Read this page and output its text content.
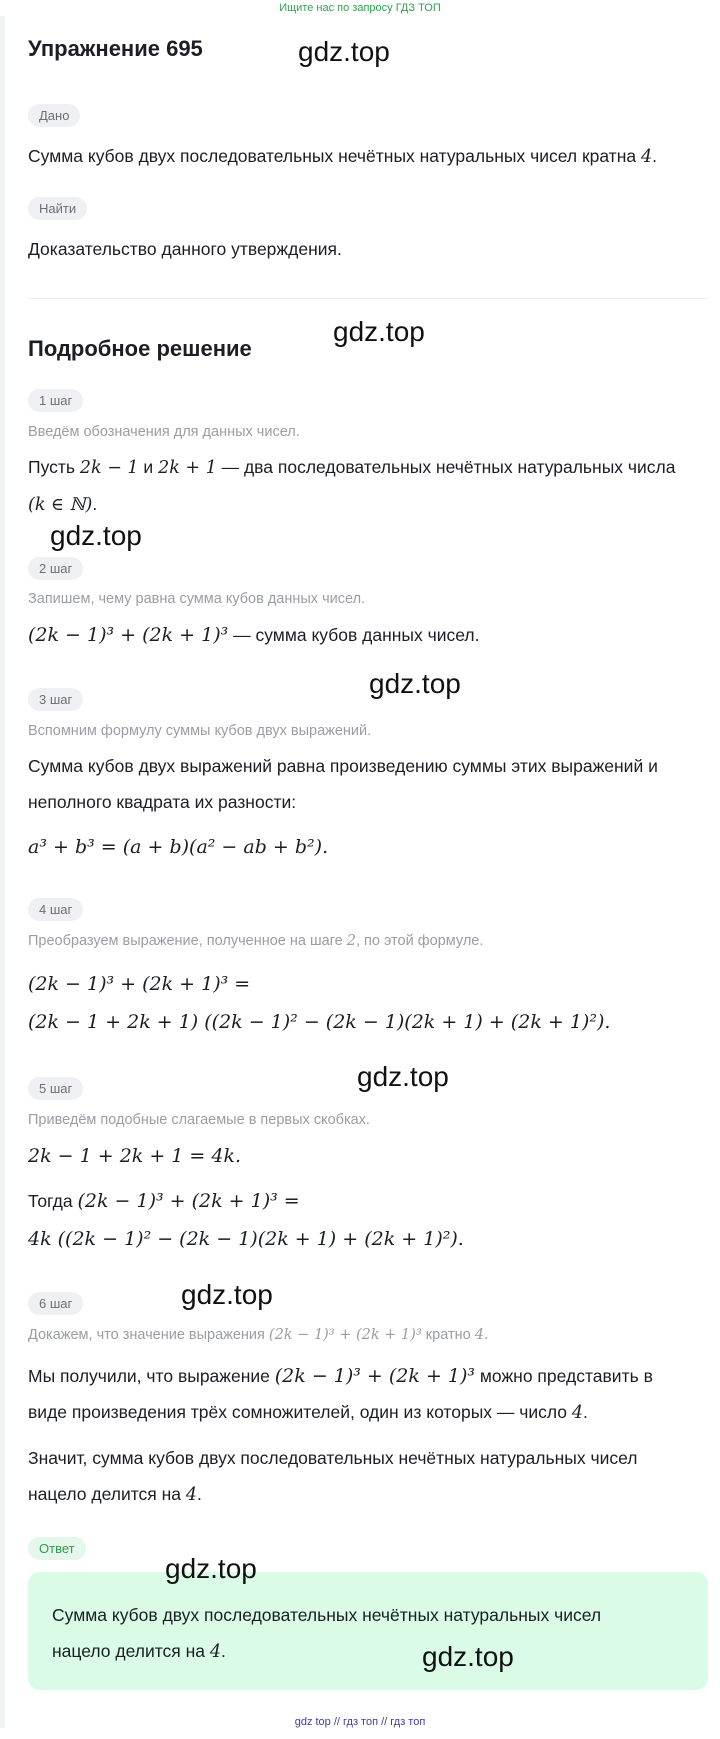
Ищите нас по запросу ГДЗ ТОП
Упражнение 695
Дано
Сумма кубов двух последовательных нечётных натуральных чисел кратна 4.
Найти
Доказательство данного утверждения.
Подробное решение
1 шаг
Введём обозначения для данных чисел.
Пусть 2k − 1 и 2k + 1 — два последовательных нечётных натуральных числа
(k ∈ ℕ).
2 шаг
Запишем, чему равна сумма кубов данных чисел.
(2k − 1)³ + (2k + 1)³ — сумма кубов данных чисел.
3 шаг
Вспомним формулу суммы кубов двух выражений.
Сумма кубов двух выражений равна произведению суммы этих выражений и
неполного квадрата их разности:
a³ + b³ = (a + b)(a² − ab + b²).
4 шаг
Преобразуем выражение, полученное на шаге 2, по этой формуле.
(2k − 1)³ + (2k + 1)³ =
(2k − 1 + 2k + 1) ((2k − 1)² − (2k − 1)(2k + 1) + (2k + 1)²).
5 шаг
Приведём подобные слагаемые в первых скобках.
2k − 1 + 2k + 1 = 4k.
Тогда (2k − 1)³ + (2k + 1)³ =
4k ((2k − 1)² − (2k − 1)(2k + 1) + (2k + 1)²).
6 шаг
Докажем, что значение выражения (2k − 1)³ + (2k + 1)³ кратно 4.
Мы получили, что выражение (2k − 1)³ + (2k + 1)³ можно представить в
виде произведения трёх сомножителей, один из которых — число 4.
Значит, сумма кубов двух последовательных нечётных натуральных чисел
нацело делится на 4.
Ответ
Сумма кубов двух последовательных нечётных натуральных чисел
нацело делится на 4.
gdz.top
gdz.top
gdz.top
gdz.top
gdz.top
gdz.top
gdz.top
gdz.top
gdz top // гдз топ // гдз топ
